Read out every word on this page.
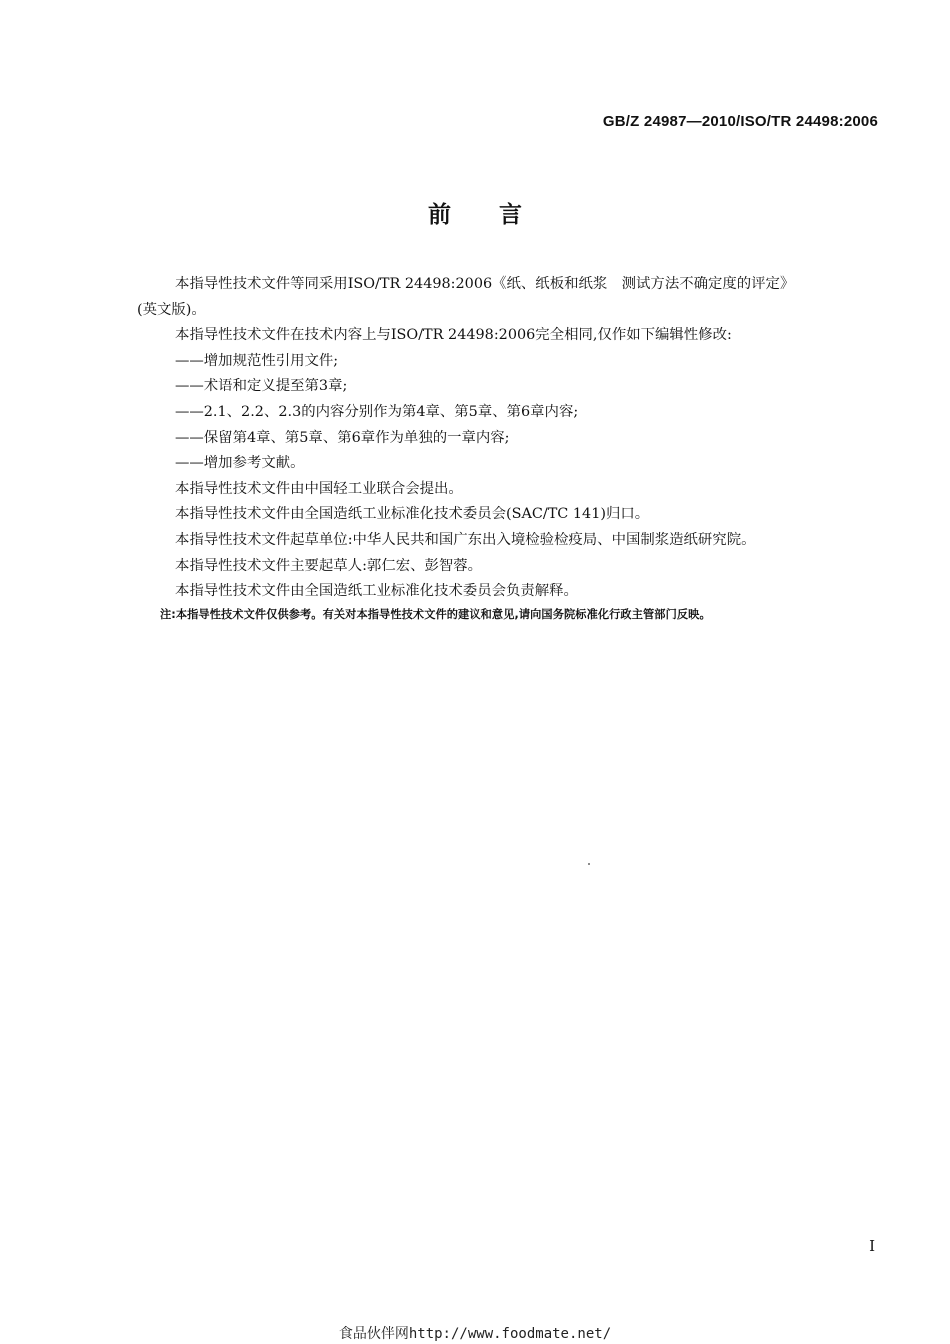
GB/Z 24987—2010/ISO/TR 24498:2006
前言
本指导性技术文件等同采用ISO/TR 24498:2006《纸、纸板和纸浆　测试方法不确定度的评定》
(英文版)。
本指导性技术文件在技术内容上与ISO/TR 24498:2006完全相同,仅作如下编辑性修改:
——增加规范性引用文件;
——术语和定义提至第3章;
——2.1、2.2、2.3的内容分别作为第4章、第5章、第6章内容;
——保留第4章、第5章、第6章作为单独的一章内容;
——增加参考文献。
本指导性技术文件由中国轻工业联合会提出。
本指导性技术文件由全国造纸工业标准化技术委员会(SAC/TC 141)归口。
本指导性技术文件起草单位:中华人民共和国广东出入境检验检疫局、中国制浆造纸研究院。
本指导性技术文件主要起草人:郭仁宏、彭智蓉。
本指导性技术文件由全国造纸工业标准化技术委员会负责解释。
注:本指导性技术文件仅供参考。有关对本指导性技术文件的建议和意见,请向国务院标准化行政主管部门反映。
I
食品伙伴网http://www.foodmate.net/
